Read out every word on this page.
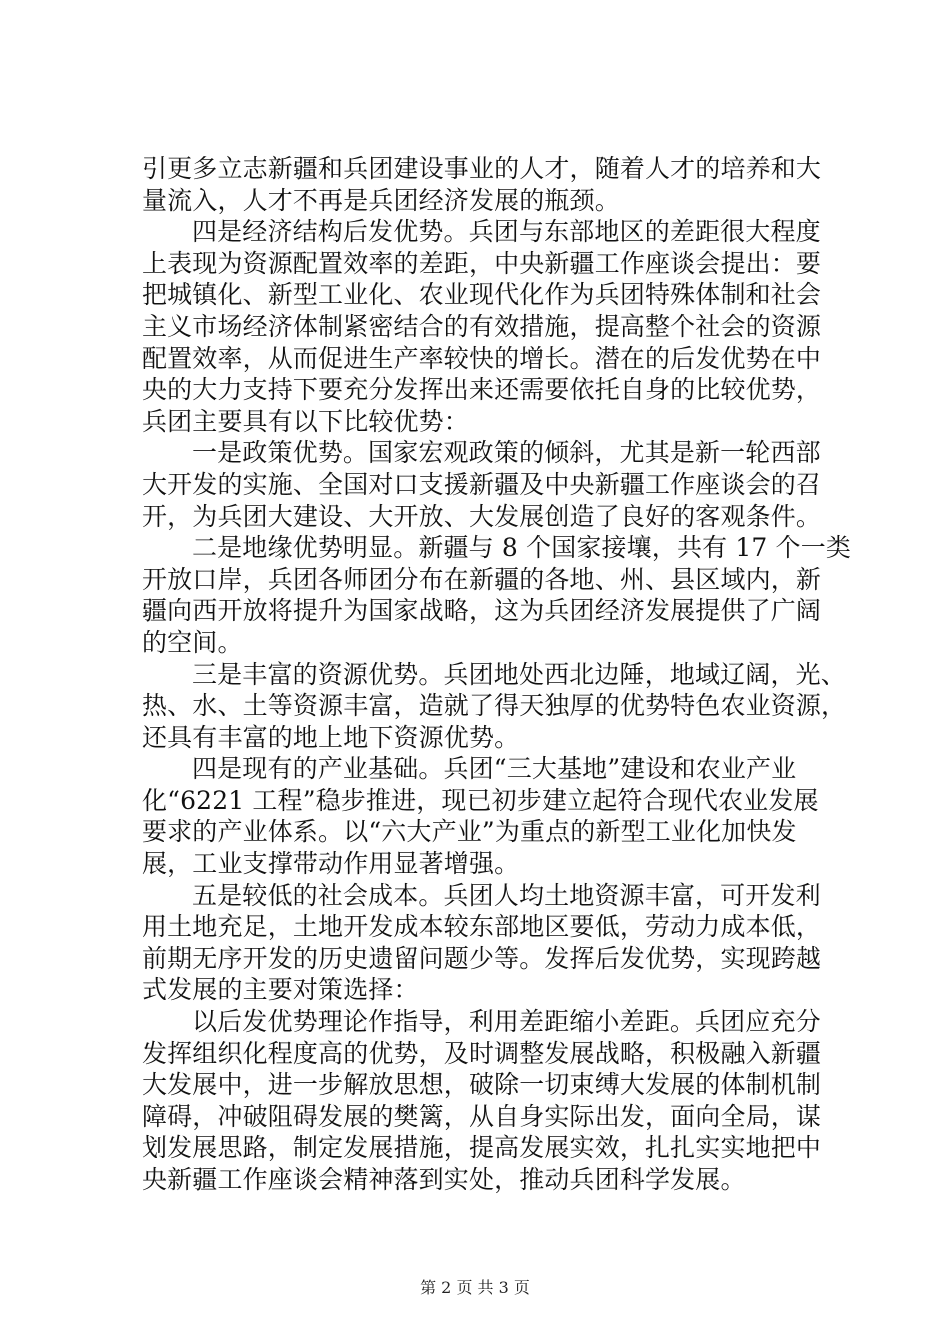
引更多立志新疆和兵团建设事业的人才，随着人才的培养和大
量流入，人才不再是兵团经济发展的瓶颈。
四是经济结构后发优势。兵团与东部地区的差距很大程度
上表现为资源配置效率的差距，中央新疆工作座谈会提出：要
把城镇化、新型工业化、农业现代化作为兵团特殊体制和社会
主义市场经济体制紧密结合的有效措施，提高整个社会的资源
配置效率，从而促进生产率较快的增长。潜在的后发优势在中
央的大力支持下要充分发挥出来还需要依托自身的比较优势，
兵团主要具有以下比较优势：
一是政策优势。国家宏观政策的倾斜，尤其是新一轮西部
大开发的实施、全国对口支援新疆及中央新疆工作座谈会的召
开，为兵团大建设、大开放、大发展创造了良好的客观条件。
二是地缘优势明显。新疆与 8 个国家接壤，共有 17 个一类
开放口岸，兵团各师团分布在新疆的各地、州、县区域内，新
疆向西开放将提升为国家战略，这为兵团经济发展提供了广阔
的空间。
三是丰富的资源优势。兵团地处西北边陲，地域辽阔，光、
热、水、土等资源丰富，造就了得天独厚的优势特色农业资源，
还具有丰富的地上地下资源优势。
四是现有的产业基础。兵团“三大基地”建设和农业产业
化“6221 工程”稳步推进，现已初步建立起符合现代农业发展
要求的产业体系。以“六大产业”为重点的新型工业化加快发
展，工业支撑带动作用显著增强。
五是较低的社会成本。兵团人均土地资源丰富，可开发利
用土地充足，土地开发成本较东部地区要低，劳动力成本低，
前期无序开发的历史遗留问题少等。发挥后发优势，实现跨越
式发展的主要对策选择：
以后发优势理论作指导，利用差距缩小差距。兵团应充分
发挥组织化程度高的优势，及时调整发展战略，积极融入新疆
大发展中，进一步解放思想，破除一切束缚大发展的体制机制
障碍，冲破阻碍发展的樊篱，从自身实际出发，面向全局，谋
划发展思路，制定发展措施，提高发展实效，扎扎实实地把中
央新疆工作座谈会精神落到实处，推动兵团科学发展。
第 2 页 共 3 页
